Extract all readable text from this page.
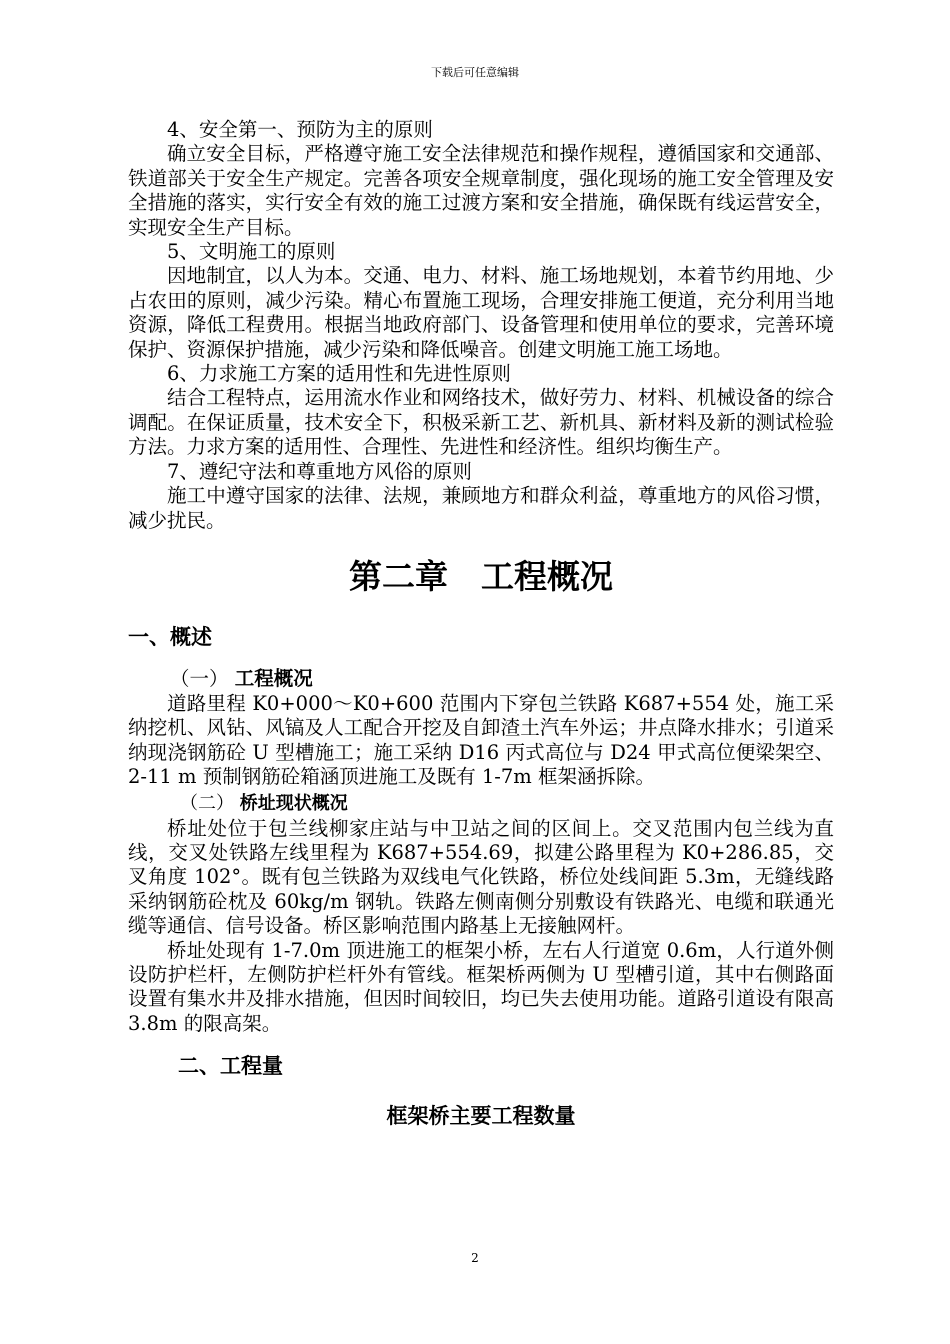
下载后可任意编辑

4、安全第一、预防为主的原则

确立安全目标，严格遵守施工安全法律规范和操作规程，遵循国家和交通部、铁道部关于安全生产规定。完善各项安全规章制度，强化现场的施工安全管理及安全措施的落实，实行安全有效的施工过渡方案和安全措施，确保既有线运营安全，实现安全生产目标。

5、文明施工的原则

因地制宜，以人为本。交通、电力、材料、施工场地规划，本着节约用地、少占农田的原则，减少污染。精心布置施工现场，合理安排施工便道，充分利用当地资源，降低工程费用。根据当地政府部门、设备管理和使用单位的要求，完善环境保护、资源保护措施，减少污染和降低噪音。创建文明施工施工场地。

6、力求施工方案的适用性和先进性原则

结合工程特点，运用流水作业和网络技术，做好劳力、材料、机械设备的综合调配。在保证质量，技术安全下，积极采新工艺、新机具、新材料及新的测试检验方法。力求方案的适用性、合理性、先进性和经济性。组织均衡生产。

7、遵纪守法和尊重地方风俗的原则

施工中遵守国家的法律、法规，兼顾地方和群众利益，尊重地方的风俗习惯，减少扰民。

第二章　工程概况
一、概述
（一） 工程概况

道路里程 K0+000～K0+600 范围内下穿包兰铁路 K687+554 处，施工采纳挖机、风钻、风镐及人工配合开挖及自卸渣土汽车外运；井点降水排水；引道采纳现浇钢筋砼 U 型槽施工；施工采纳 D16 丙式高位与 D24 甲式高位便梁架空、2-11 m 预制钢筋砼箱涵顶进施工及既有 1-7m 框架涵拆除。

（二） 桥址现状概况

桥址处位于包兰线柳家庄站与中卫站之间的区间上。交叉范围内包兰线为直线，交叉处铁路左线里程为 K687+554.69，拟建公路里程为 K0+286.85，交叉角度 102°。既有包兰铁路为双线电气化铁路，桥位处线间距 5.3m，无缝线路采纳钢筋砼枕及 60kg/m 钢轨。铁路左侧南侧分别敷设有铁路光、电缆和联通光缆等通信、信号设备。桥区影响范围内路基上无接触网杆。

桥址处现有 1-7.0m 顶进施工的框架小桥，左右人行道宽 0.6m，人行道外侧设防护栏杆，左侧防护栏杆外有管线。框架桥两侧为 U 型槽引道，其中右侧路面设置有集水井及排水措施，但因时间较旧，均已失去使用功能。道路引道设有限高 3.8m 的限高架。

二、工程量
框架桥主要工程数量
2
